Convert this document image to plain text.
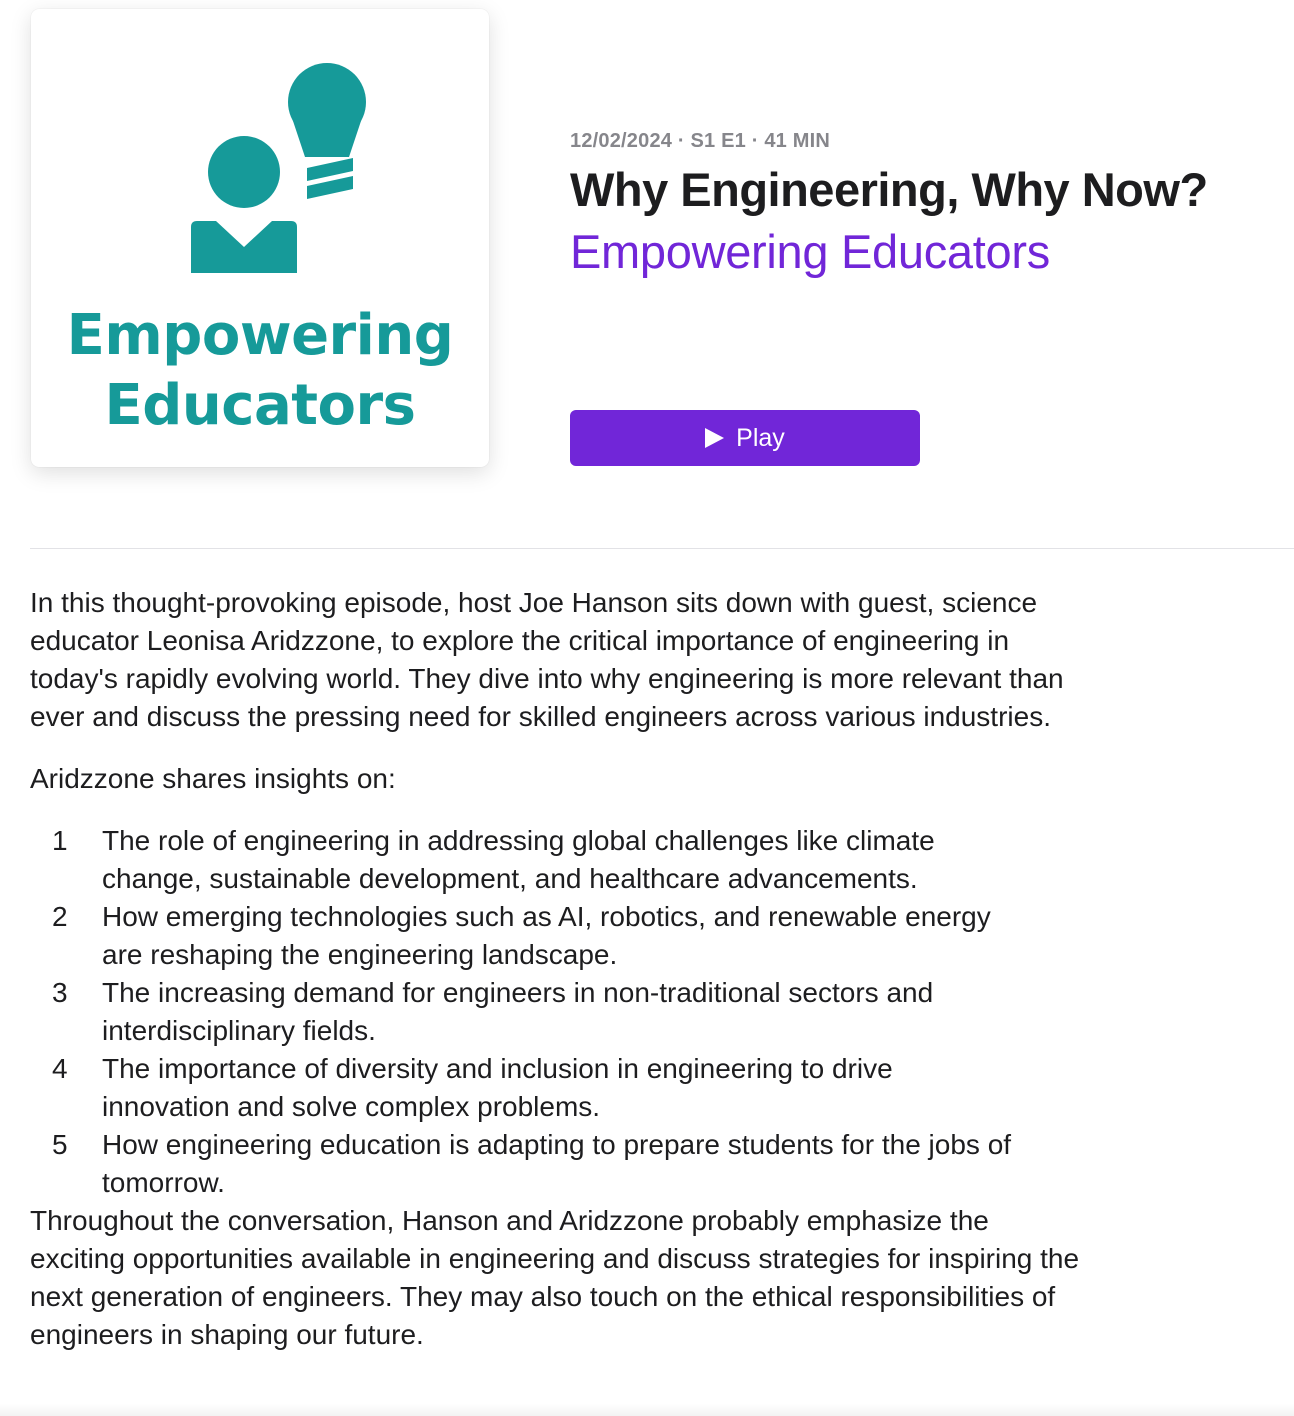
Empowering
Educators
12/02/2024 · S1 E1 · 41 MIN
Why Engineering, Why Now?
Empowering Educators
Play

In this thought-provoking episode, host Joe Hanson sits down with guest, science educator Leonisa Aridzzone, to explore the critical importance of engineering in today's rapidly evolving world. They dive into why engineering is more relevant than ever and discuss the pressing need for skilled engineers across various industries.

Aridzzone shares insights on:

1 The role of engineering in addressing global challenges like climate change, sustainable development, and healthcare advancements.
2 How emerging technologies such as AI, robotics, and renewable energy are reshaping the engineering landscape.
3 The increasing demand for engineers in non-traditional sectors and interdisciplinary fields.
4 The importance of diversity and inclusion in engineering to drive innovation and solve complex problems.
5 How engineering education is adapting to prepare students for the jobs of tomorrow.

Throughout the conversation, Hanson and Aridzzone probably emphasize the exciting opportunities available in engineering and discuss strategies for inspiring the next generation of engineers. They may also touch on the ethical responsibilities of engineers in shaping our future.
